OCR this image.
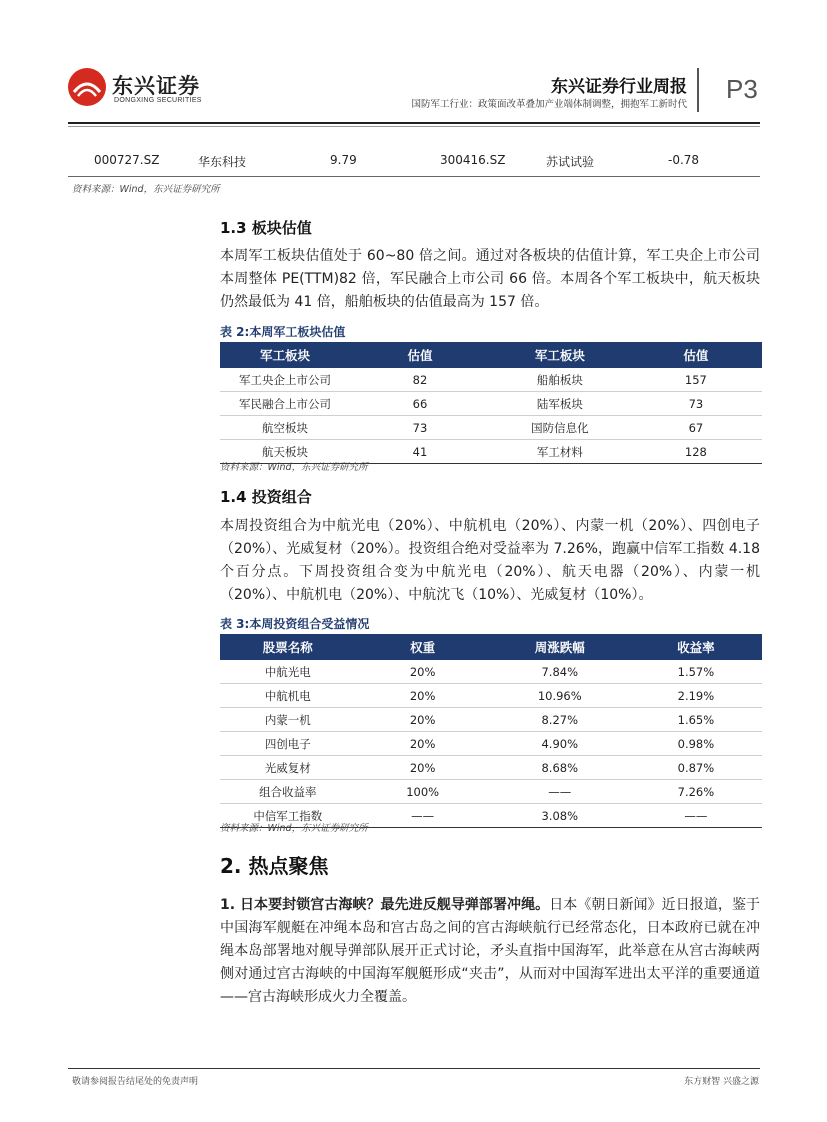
东兴证券
DONGXING SECURITIES
东兴证券行业周报
国防军工行业：政策面改革叠加产业端体制调整，拥抱军工新时代
P3
000727.SZ	华东科技	9.79	300416.SZ	苏试试验	-0.78
资料来源：Wind，东兴证券研究所
1.3 板块估值
本周军工板块估值处于 60~80 倍之间。通过对各板块的估值计算，军工央企上市公司本周整体 PE(TTM)82 倍，军民融合上市公司 66 倍。本周各个军工板块中，航天板块仍然最低为 41 倍，船舶板块的估值最高为 157 倍。
表 2:本周军工板块估值
军工板块	估值	军工板块	估值
军工央企上市公司	82	船舶板块	157
军民融合上市公司	66	陆军板块	73
航空板块	73	国防信息化	67
航天板块	41	军工材料	128
资料来源：Wind，东兴证券研究所
1.4 投资组合
本周投资组合为中航光电（20%）、中航机电（20%）、内蒙一机（20%）、四创电子（20%）、光威复材（20%）。投资组合绝对受益率为 7.26%，跑赢中信军工指数 4.18 个百分点。下周投资组合变为中航光电（20%）、航天电器（20%）、内蒙一机（20%）、中航机电（20%）、中航沈飞（10%）、光威复材（10%）。
表 3:本周投资组合受益情况
股票名称	权重	周涨跌幅	收益率
中航光电	20%	7.84%	1.57%
中航机电	20%	10.96%	2.19%
内蒙一机	20%	8.27%	1.65%
四创电子	20%	4.90%	0.98%
光威复材	20%	8.68%	0.87%
组合收益率	100%	——	7.26%
中信军工指数	——	3.08%	——
资料来源：Wind，东兴证券研究所
2. 热点聚焦
1. 日本要封锁宫古海峡？最先进反舰导弹部署冲绳。日本《朝日新闻》近日报道，鉴于中国海军舰艇在冲绳本岛和宫古岛之间的宫古海峡航行已经常态化，日本政府已就在冲绳本岛部署地对舰导弹部队展开正式讨论，矛头直指中国海军，此举意在从宫古海峡两侧对通过宫古海峡的中国海军舰艇形成“夹击”，从而对中国海军进出太平洋的重要通道——宫古海峡形成火力全覆盖。
敬请参阅报告结尾处的免责声明	东方财智 兴盛之源
